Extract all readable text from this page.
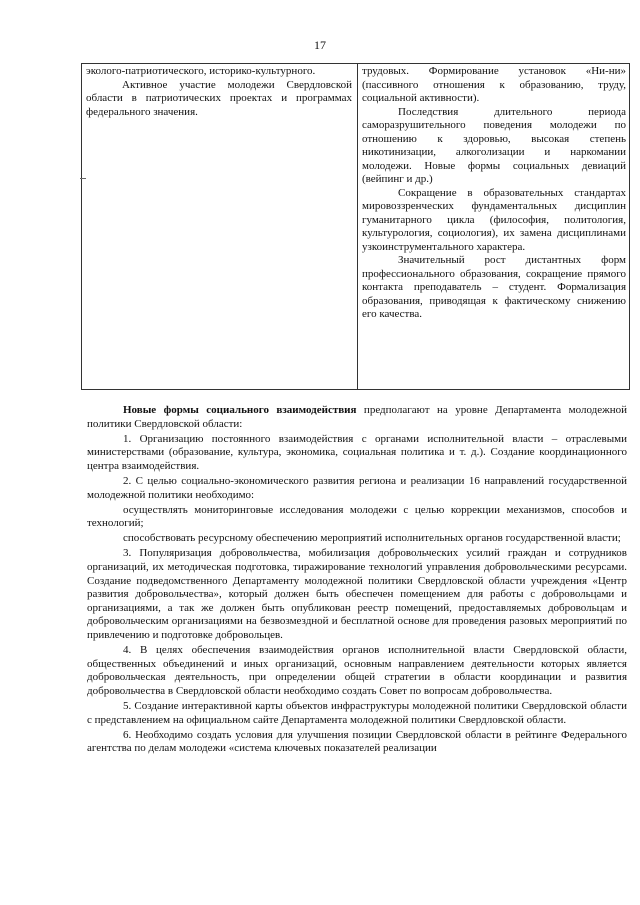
17

эколого-патриотического, историко-культурного.

Активное участие молодежи Свердловской области в патриотических проектах и программах федерального значения.

трудовых. Формирование установок «Ни-ни» (пассивного отношения к образованию, труду, социальной активности).

Последствия длительного периода саморазрушительного поведения молодежи по отношению к здоровью, высокая степень никотинизации, алкоголизации и наркомании молодежи. Новые формы социальных девиаций (вейпинг и др.)

Сокращение в образовательных стандартах мировоззренческих фундаментальных дисциплин гуманитарного цикла (философия, политология, культурология, социология), их замена дисциплинами узкоинструментального характера.

Значительный рост дистантных форм профессионального образования, сокращение прямого контакта преподаватель – студент. Формализация образования, приводящая к фактическому снижению его качества.

Новые формы социального взаимодействия предполагают на уровне Департамента молодежной политики Свердловской области:

1. Организацию постоянного взаимодействия с органами исполнительной власти – отраслевыми министерствами (образование, культура, экономика, социальная политика и т. д.). Создание координационного центра взаимодействия.

2. С целью социально-экономического развития региона и реализации 16 направлений государственной молодежной политики необходимо:

осуществлять мониторинговые исследования молодежи с целью коррекции механизмов, способов и технологий;

способствовать ресурсному обеспечению мероприятий исполнительных органов государственной власти;

3. Популяризация добровольчества, мобилизация добровольческих усилий граждан и сотрудников организаций, их методическая подготовка, тиражирование технологий управления добровольческими ресурсами. Создание подведомственного Департаменту молодежной политики Свердловской области учреждения «Центр развития добровольчества», который должен быть обеспечен помещением для работы с добровольцами и организациями, а так же должен быть опубликован реестр помещений, предоставляемых добровольцам и добровольческим организациями на безвозмездной и бесплатной основе для проведения разовых мероприятий по привлечению и подготовке добровольцев.

4. В целях обеспечения взаимодействия органов исполнительной власти Свердловской области, общественных объединений и иных организаций, основным направлением деятельности которых является добровольческая деятельность, при определении общей стратегии в области координации и развития добровольчества в Свердловской области необходимо создать Совет по вопросам добровольчества.

5. Создание интерактивной карты объектов инфраструктуры молодежной политики Свердловской области с представлением на официальном сайте Департамента молодежной политики Свердловской области.

6. Необходимо создать условия для улучшения позиции Свердловской области в рейтинге Федерального агентства по делам молодежи «система ключевых показателей реализации
